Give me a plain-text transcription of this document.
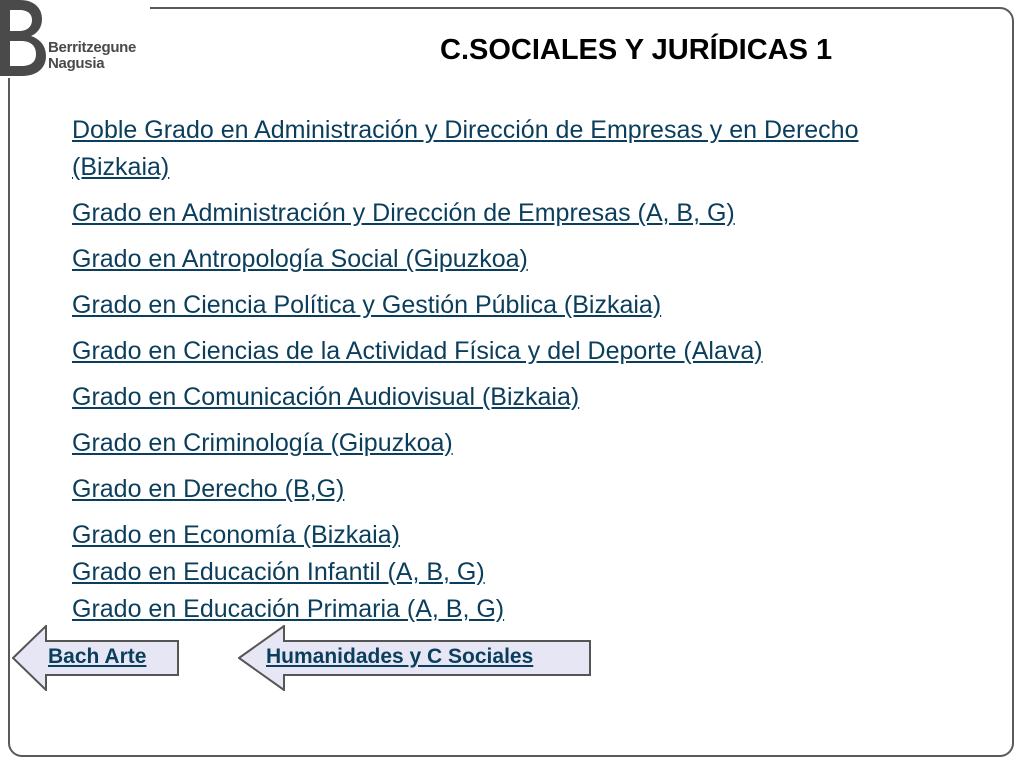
Berritzegune
Nagusia	C.SOCIALES Y JURÍDICAS 1
Doble Grado en Administración y Dirección de Empresas y en Derecho (Bizkaia)
Grado en Administración y Dirección de Empresas (A, B, G)
Grado en Antropología Social (Gipuzkoa)
Grado en Ciencia Política y Gestión Pública (Bizkaia)
Grado en Ciencias de la Actividad Física y del Deporte (Alava)
Grado en Comunicación Audiovisual (Bizkaia)
Grado en Criminología (Gipuzkoa)
Grado en Derecho (B,G)
Grado en Economía (Bizkaia)
Grado en Educación Infantil (A, B, G)
Grado en Educación Primaria (A, B, G)
Bach Arte	Humanidades y C Sociales
